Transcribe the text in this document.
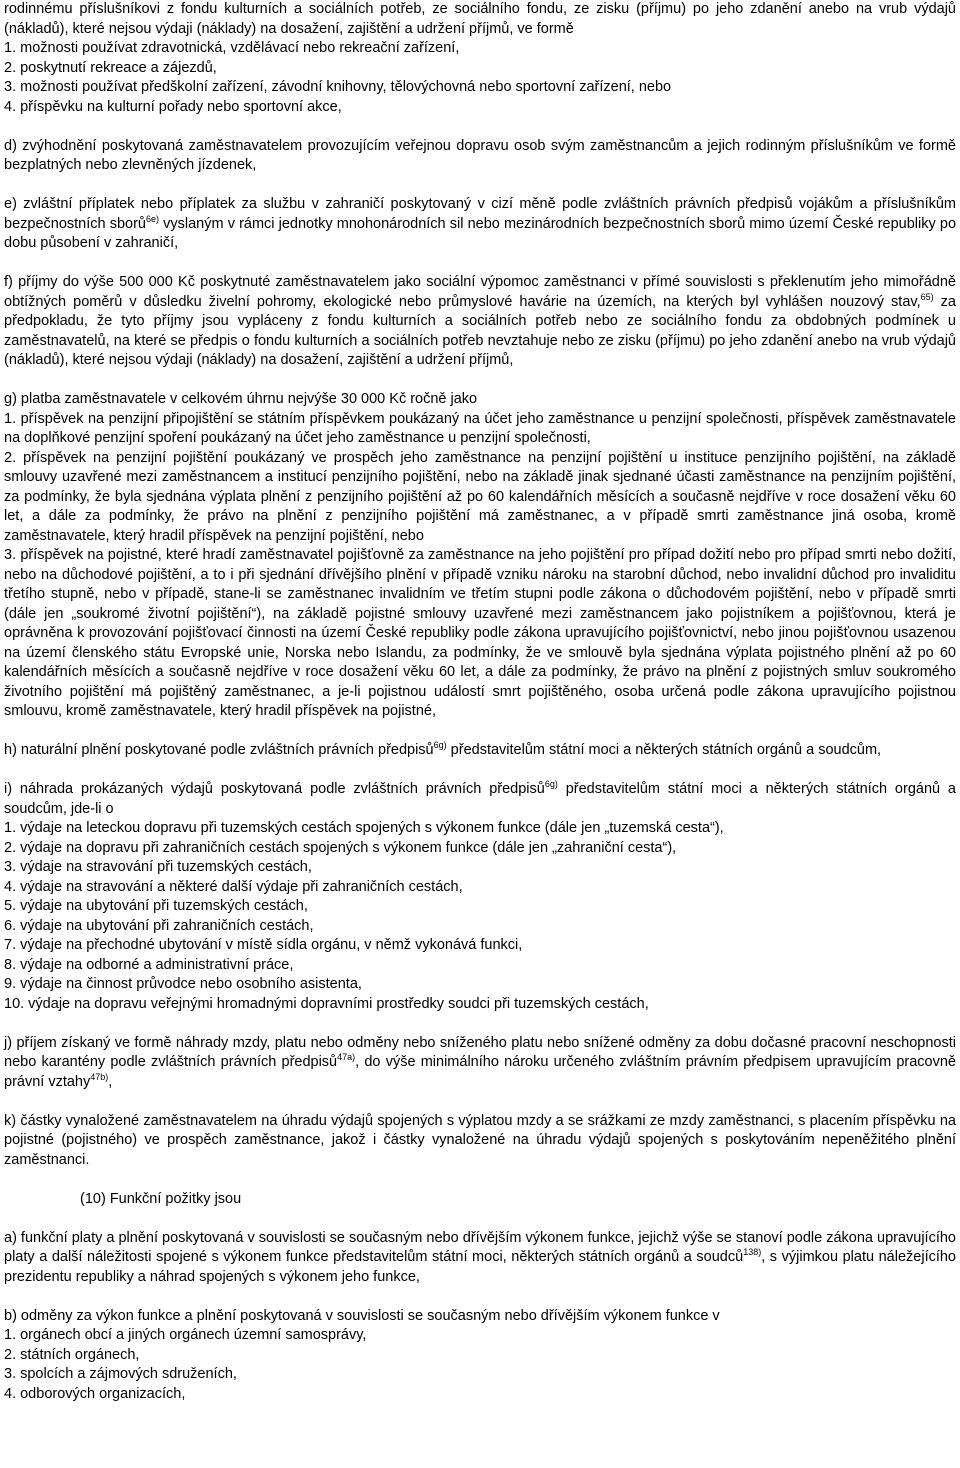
rodinnému příslušníkovi z fondu kulturních a sociálních potřeb, ze sociálního fondu, ze zisku (příjmu) po jeho zdanění anebo na vrub výdajů (nákladů), které nejsou výdaji (náklady) na dosažení, zajištění a udržení příjmů, ve formě

1. možnosti používat zdravotnická, vzdělávací nebo rekreační zařízení,

2. poskytnutí rekreace a zájezdů,

3. možnosti používat předškolní zařízení, závodní knihovny, tělovýchovná nebo sportovní zařízení, nebo

4. příspěvku na kulturní pořady nebo sportovní akce,

d) zvýhodnění poskytovaná zaměstnavatelem provozujícím veřejnou dopravu osob svým zaměstnancům a jejich rodinným příslušníkům ve formě bezplatných nebo zlevněných jízdenek,

e) zvláštní příplatek nebo příplatek za službu v zahraničí poskytovaný v cizí měně podle zvláštních právních předpisů vojákům a příslušníkům bezpečnostních sborů$^{6e)}$ vyslaným v rámci jednotky mnohonárodních sil nebo mezinárodních bezpečnostních sborů mimo území České republiky po dobu působení v zahraničí,

f) příjmy do výše 500 000 Kč poskytnuté zaměstnavatelem jako sociální výpomoc zaměstnanci v přímé souvislosti s překlenutím jeho mimořádně obtížných poměrů v důsledku živelní pohromy, ekologické nebo průmyslové havárie na územích, na kterých byl vyhlášen nouzový stav,$^{65)}$ za předpokladu, že tyto příjmy jsou vypláceny z fondu kulturních a sociálních potřeb nebo ze sociálního fondu za obdobných podmínek u zaměstnavatelů, na které se předpis o fondu kulturních a sociálních potřeb nevztahuje nebo ze zisku (příjmu) po jeho zdanění anebo na vrub výdajů (nákladů), které nejsou výdaji (náklady) na dosažení, zajištění a udržení příjmů,

g) platba zaměstnavatele v celkovém úhrnu nejvýše 30 000 Kč ročně jako

1. příspěvek na penzijní připojištění se státním příspěvkem poukázaný na účet jeho zaměstnance u penzijní společnosti, příspěvek zaměstnavatele na doplňkové penzijní spoření poukázaný na účet jeho zaměstnance u penzijní společnosti,

2. příspěvek na penzijní pojištění poukázaný ve prospěch jeho zaměstnance na penzijní pojištění u instituce penzijního pojištění, na základě smlouvy uzavřené mezi zaměstnancem a institucí penzijního pojištění, nebo na základě jinak sjednané účasti zaměstnance na penzijním pojištění, za podmínky, že byla sjednána výplata plnění z penzijního pojištění až po 60 kalendářních měsících a současně nejdříve v roce dosažení věku 60 let, a dále za podmínky, že právo na plnění z penzijního pojištění má zaměstnanec, a v případě smrti zaměstnance jiná osoba, kromě zaměstnavatele, který hradil příspěvek na penzijní pojištění, nebo

3. příspěvek na pojistné, které hradí zaměstnavatel pojišťovně za zaměstnance na jeho pojištění pro případ dožití nebo pro případ smrti nebo dožití, nebo na důchodové pojištění, a to i při sjednání dřívějšího plnění v případě vzniku nároku na starobní důchod, nebo invalidní důchod pro invaliditu třetího stupně, nebo v případě, stane-li se zaměstnanec invalidním ve třetím stupni podle zákona o důchodovém pojištění, nebo v případě smrti (dále jen „soukromé životní pojištění“), na základě pojistné smlouvy uzavřené mezi zaměstnancem jako pojistníkem a pojišťovnou, která je oprávněna k provozování pojišťovací činnosti na území České republiky podle zákona upravujícího pojišťovnictví, nebo jinou pojišťovnou usazenou na území členského státu Evropské unie, Norska nebo Islandu, za podmínky, že ve smlouvě byla sjednána výplata pojistného plnění až po 60 kalendářních měsících a současně nejdříve v roce dosažení věku 60 let, a dále za podmínky, že právo na plnění z pojistných smluv soukromého životního pojištění má pojištěný zaměstnanec, a je-li pojistnou událostí smrt pojištěného, osoba určená podle zákona upravujícího pojistnou smlouvu, kromě zaměstnavatele, který hradil příspěvek na pojistné,

h) naturální plnění poskytované podle zvláštních právních předpisů$^{6g)}$ představitelům státní moci a některých státních orgánů a soudcům,

i) náhrada prokázaných výdajů poskytovaná podle zvláštních právních předpisů$^{6g)}$ představitelům státní moci a některých státních orgánů a soudcům, jde-li o

1. výdaje na leteckou dopravu při tuzemských cestách spojených s výkonem funkce (dále jen „tuzemská cesta“),

2. výdaje na dopravu při zahraničních cestách spojených s výkonem funkce (dále jen „zahraniční cesta“),

3. výdaje na stravování při tuzemských cestách,

4. výdaje na stravování a některé další výdaje při zahraničních cestách,

5. výdaje na ubytování při tuzemských cestách,

6. výdaje na ubytování při zahraničních cestách,

7. výdaje na přechodné ubytování v místě sídla orgánu, v němž vykonává funkci,

8. výdaje na odborné a administrativní práce,

9. výdaje na činnost průvodce nebo osobního asistenta,

10. výdaje na dopravu veřejnými hromadnými dopravními prostředky soudci při tuzemských cestách,

j) příjem získaný ve formě náhrady mzdy, platu nebo odměny nebo sníženého platu nebo snížené odměny za dobu dočasné pracovní neschopnosti nebo karantény podle zvláštních právních předpisů$^{47a)}$, do výše minimálního nároku určeného zvláštním právním předpisem upravujícím pracovně právní vztahy$^{47b)}$,

k) částky vynaložené zaměstnavatelem na úhradu výdajů spojených s výplatou mzdy a se srážkami ze mzdy zaměstnanci, s placením příspěvku na pojistné (pojistného) ve prospěch zaměstnance, jakož i částky vynaložené na úhradu výdajů spojených s poskytováním nepeněžitého plnění zaměstnanci.

(10) Funkční požitky jsou

a) funkční platy a plnění poskytovaná v souvislosti se současným nebo dřívějším výkonem funkce, jejichž výše se stanoví podle zákona upravujícího platy a další náležitosti spojené s výkonem funkce představitelům státní moci, některých státních orgánů a soudců$^{138)}$, s výjimkou platu náležejícího prezidentu republiky a náhrad spojených s výkonem jeho funkce,

b) odměny za výkon funkce a plnění poskytovaná v souvislosti se současným nebo dřívějším výkonem funkce v

1. orgánech obcí a jiných orgánech územní samosprávy,

2. státních orgánech,

3. spolcích a zájmových sdruženích,

4. odborových organizacích,
